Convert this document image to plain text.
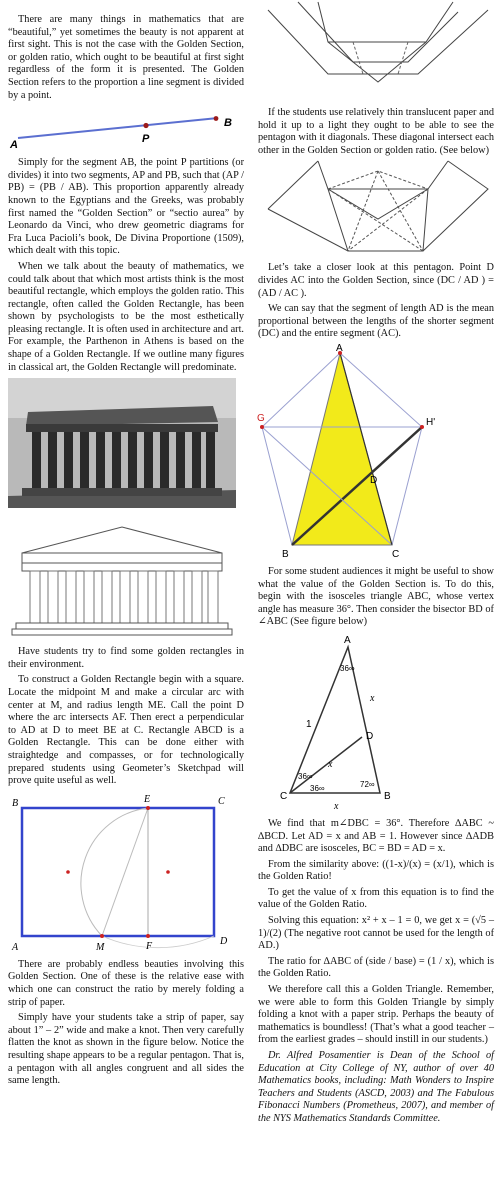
There are many things in mathematics that are “beautiful,” yet sometimes the beauty is not apparent at first sight. This is not the case with the Golden Section, or golden ratio, which ought to be beautiful at first sight regardless of the form it is presented. The Golden Section refers to the proportion a line segment is divided by a point.

A	P
B

Simply for the segment AB, the point P partitions (or divides) it into two segments, AP and PB, such that (AP / PB) = (PB / AB). This proportion apparently already known to the Egyptians and the Greeks, was probably first named the “Golden Section” or “sectio aurea” by Leonardo da Vinci, who drew geometric diagrams for Fra Luca Pacioli’s book, De Divina Proportione (1509), which dealt with this topic.

When we talk about the beauty of mathematics, we could talk about that which most artists think is the most beautiful rectangle, which employs the golden ratio. This rectangle, often called the Golden Rectangle, has been shown by psychologists to be the most esthetically pleasing rectangle. It is often used in architecture and art. For example, the Parthenon in Athens is based on the shape of a Golden Rectangle. If we outline many figures in classical art, the Golden Rectangle will predominate.

Have students try to find some golden rectangles in their environment.

To construct a Golden Rectangle begin with a square. Locate the midpoint M and make a circular arc with center at M, and radius length ME. Call the point D where the arc intersects AF. Then erect a perpendicular to AD at D to meet BE at C. Rectangle ABCD is a Golden Rectangle. This can be done either with straightedge and compasses, or for technologically prepared students using Geometer’s Sketchpad will prove quite useful as well.

B	E	C
A	M	F	D

There are probably endless beauties involving this Golden Section. One of these is the relative ease with which one can construct the ratio by merely folding a strip of paper.

Simply have your students take a strip of paper, say about 1” – 2” wide and make a knot. Then very carefully flatten the knot as shown in the figure below. Notice the resulting shape appears to be a regular pentagon. That is, a pentagon with all angles congruent and all sides the same length.

If the students use relatively thin translucent paper and hold it up to a light they ought to be able to see the pentagon with it diagonals. These diagonal intersect each other in the Golden Section or golden ratio. (See below)

Let’s take a closer look at this pentagon. Point D divides AC into the Golden Section, since (DC / AD ) = (AD / AC ).

We can say that the segment of length AD is the mean proportional between the lengths of the shorter segment (DC) and the entire segment (AC).

A
G	H'
D
B	C

For some student audiences it might be useful to show what the value of the Golden Section is. To do this, begin with the isosceles triangle ABC, whose vertex angle has measure 36°. Then consider the bisector BD of ∠ABC (See figure below)

A
D
C	B
1
x
x
x
36∞
36∞
36∞	72∞

We find that m∠DBC = 36°. Therefore ∆ABC ~ ∆BCD. Let AD = x and AB = 1. However since ∆ADB and ∆DBC are isosceles, BC = BD = AD = x.

From the similarity above: ((1-x)/(x) = (x/1), which is the Golden Ratio!

To get the value of x from this equation is to find the value of the Golden Ratio.

Solving this equation: x² + x – 1 = 0, we get x = (√5 – 1)/(2) (The negative root cannot be used for the length of AD.)

The ratio for ∆ABC of (side / base) = (1 / x), which is the Golden Ratio.

We therefore call this a Golden Triangle. Remember, we were able to form this Golden Triangle by simply folding a knot with a paper strip. Perhaps the beauty of mathematics is boundless! (That’s what a good teacher – from the earliest grades – should instill in our students.)

Dr. Alfred Posamentier is Dean of the School of Education at City College of NY, author of over 40 Mathematics books, including: Math Wonders to Inspire Teachers and Students (ASCD, 2003) and The Fabulous Fibonacci Numbers (Prometheus, 2007), and member of the NYS Mathematics Standards Committee.
